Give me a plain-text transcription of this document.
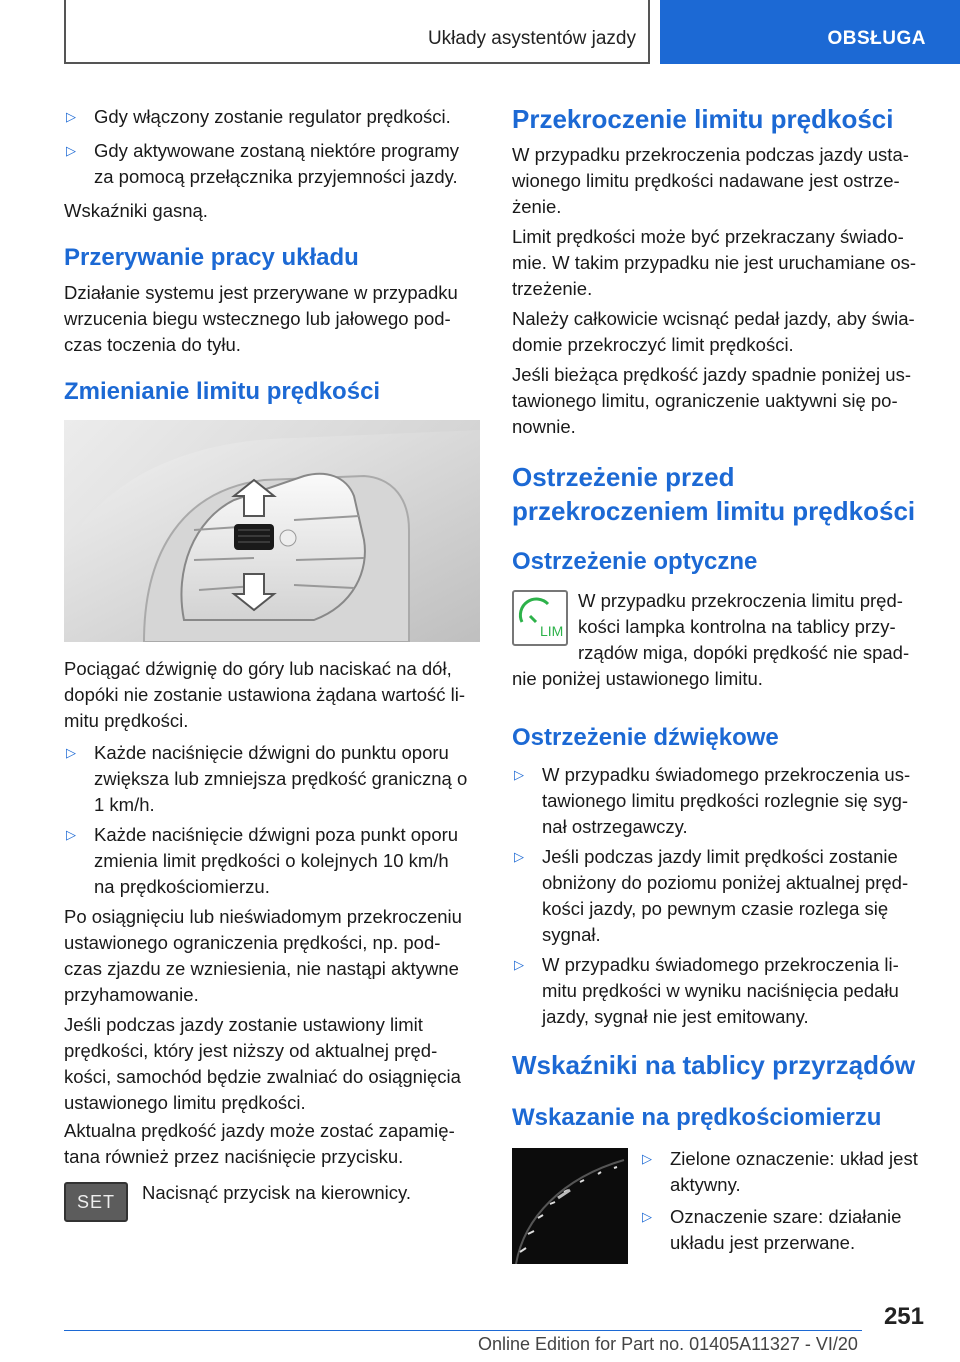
Układy asystentów jazdy	OBSŁUGA
▷ Gdy włączony zostanie regulator prędkości.
▷ Gdy aktywowane zostaną niektóre programy
za pomocą przełącznika przyjemności jazdy.
Wskaźniki gasną.
Przerywanie pracy układu
Działanie systemu jest przerywane w przypadku
wrzucenia biegu wstecznego lub jałowego pod-
czas toczenia do tyłu.
Zmienianie limitu prędkości
Pociągać dźwignię do góry lub naciskać na dół,
dopóki nie zostanie ustawiona żądana wartość li-
mitu prędkości.
▷ Każde naciśnięcie dźwigni do punktu oporu
zwiększa lub zmniejsza prędkość graniczną o
1 km/h.
▷ Każde naciśnięcie dźwigni poza punkt oporu
zmienia limit prędkości o kolejnych 10 km/h
na prędkościomierzu.
Po osiągnięciu lub nieświadomym przekroczeniu
ustawionego ograniczenia prędkości, np. pod-
czas zjazdu ze wzniesienia, nie nastąpi aktywne
przyhamowanie.
Jeśli podczas jazdy zostanie ustawiony limit
prędkości, który jest niższy od aktualnej pręd-
kości, samochód będzie zwalniać do osiągnięcia
ustawionego limitu prędkości.
Aktualna prędkość jazdy może zostać zapamię-
tana również przez naciśnięcie przycisku.
SET	Nacisnąć przycisk na kierownicy.
Przekroczenie limitu prędkości
W przypadku przekroczenia podczas jazdy usta-
wionego limitu prędkości nadawane jest ostrze-
żenie.
Limit prędkości może być przekraczany świado-
mie. W takim przypadku nie jest uruchamiane os-
trzeżenie.
Należy całkowicie wcisnąć pedał jazdy, aby świa-
domie przekroczyć limit prędkości.
Jeśli bieżąca prędkość jazdy spadnie poniżej us-
tawionego limitu, ograniczenie uaktywni się po-
nownie.
Ostrzeżenie przed
przekroczeniem limitu prędkości
Ostrzeżenie optyczne
LIM
W przypadku przekroczenia limitu pręd-
kości lampka kontrolna na tablicy przy-
rządów miga, dopóki prędkość nie spad-
nie poniżej ustawionego limitu.
Ostrzeżenie dźwiękowe
▷ W przypadku świadomego przekroczenia us-
tawionego limitu prędkości rozlegnie się syg-
nał ostrzegawczy.
▷ Jeśli podczas jazdy limit prędkości zostanie
obniżony do poziomu poniżej aktualnej pręd-
kości jazdy, po pewnym czasie rozlega się
sygnał.
▷ W przypadku świadomego przekroczenia li-
mitu prędkości w wyniku naciśnięcia pedału
jazdy, sygnał nie jest emitowany.
Wskaźniki na tablicy przyrządów
Wskazanie na prędkościomierzu
▷ Zielone oznaczenie: układ jest
aktywny.
▷ Oznaczenie szare: działanie
układu jest przerwane.
251
Online Edition for Part no. 01405A11327 - VI/20
